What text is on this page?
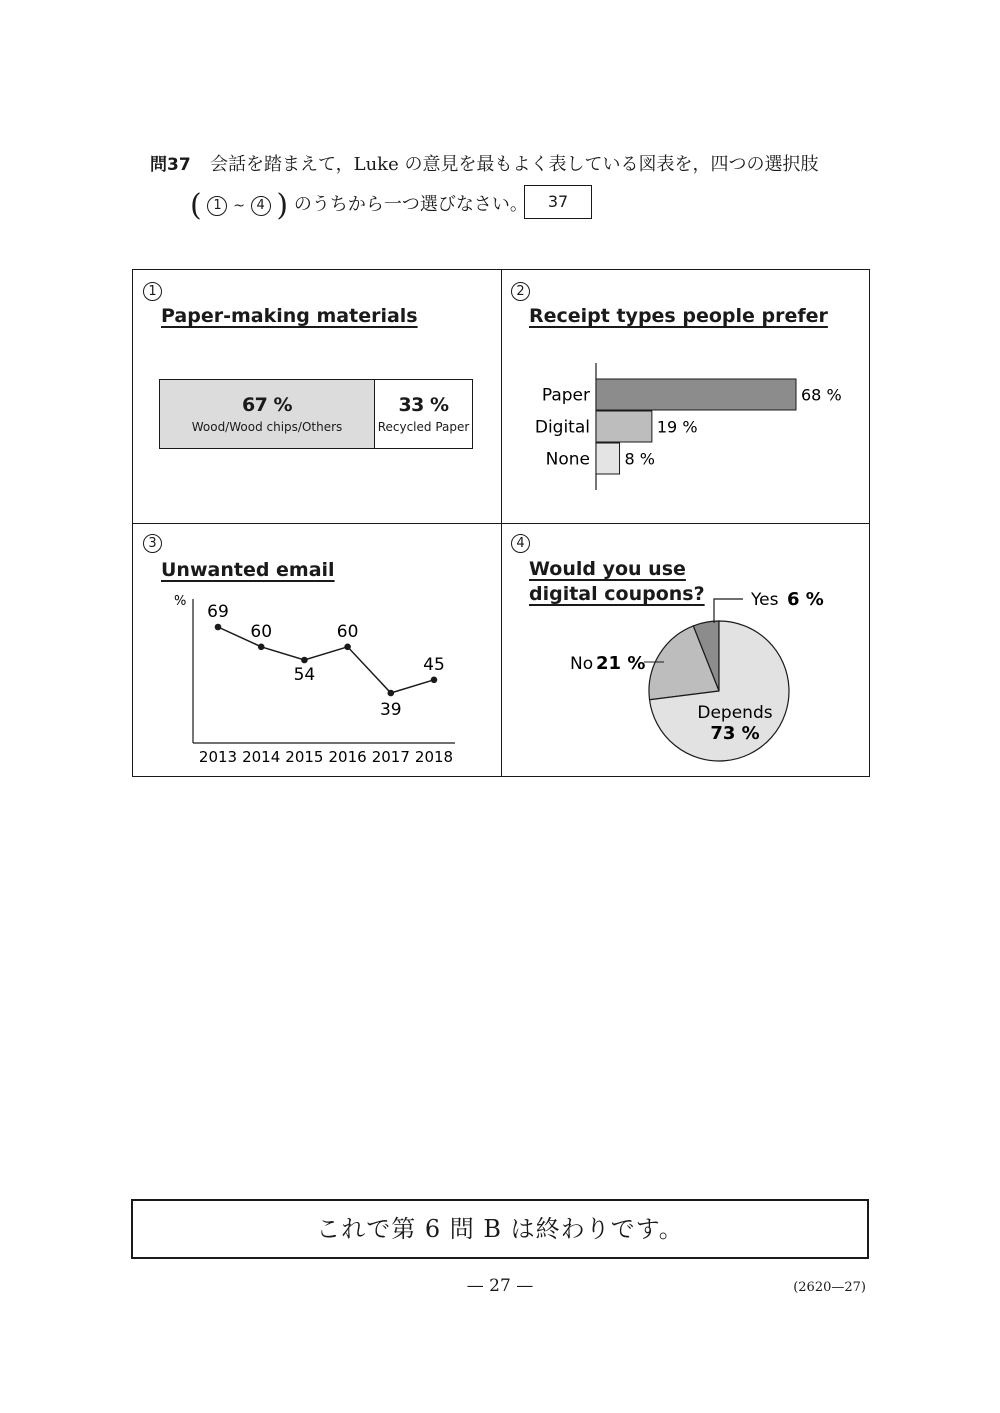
問37 会話を踏まえて，Luke の意見を最もよく表している図表を，四つの選択肢
( 1 ~ 4 ) のうちから一つ選びなさい。	37
1
Paper-making materials
2
Receipt types people prefer
3
Unwanted email
4
Would you use
digital coupons?
67 %
Wood/Wood chips/Others
33 %
Recycled Paper
Paper	68 %
Digital	19 %
None 8 %
%
69
2013
60
2014
54
2015
60
2016
39
2017
45
2018
Yes 6 %
No 21 %
Depends
73 %
これで第 6 問 B は終わりです。
— 27 —	(2620—27)
